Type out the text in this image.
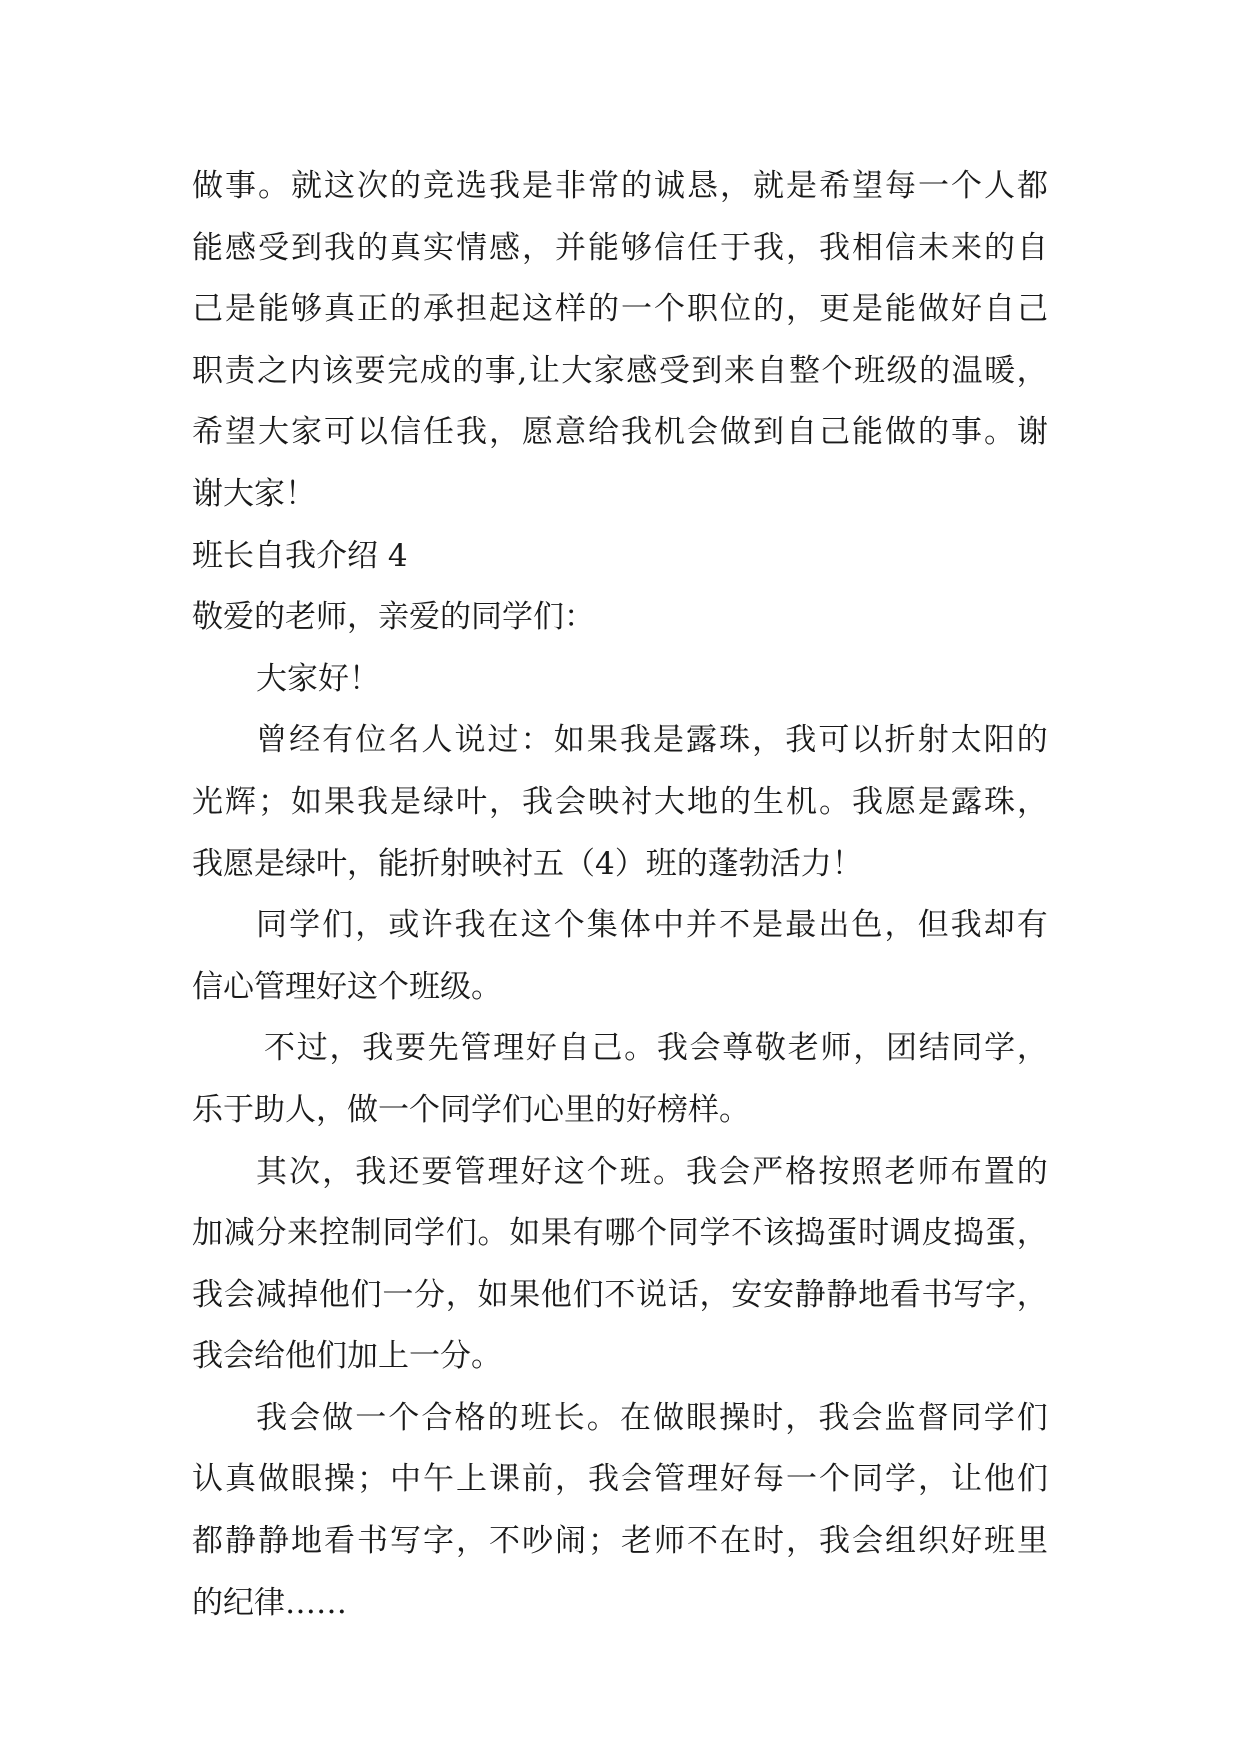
做 事 。 就 这 次 的 竞 选 我 是 非 常 的 诚 恳 ， 就 是 希 望 每 一 个 人 都
能 感 受 到 我 的 真 实 情 感 ， 并 能 够 信 任 于 我 ， 我 相 信 未 来 的 自
己 是 能 够 真 正 的 承 担 起 这 样 的 一 个 职 位 的 ， 更 是 能 做 好 自 己
职 责 之 内 该 要 完 成 的 事 , 让 大 家 感 受 到 来 自 整 个 班 级 的 温 暖 ，
希 望 大 家 可 以 信 任 我 ， 愿 意 给 我 机 会 做 到 自 己 能 做 的 事 。 谢
谢大家！
班长自我介绍 4
敬爱的老师，亲爱的同学们：
大家好！
曾 经 有 位 名 人 说 过 ： 如 果 我 是 露 珠 ， 我 可 以 折 射 太 阳 的
光 辉 ； 如 果 我 是 绿 叶 ， 我 会 映 衬 大 地 的 生 机 。 我 愿 是 露 珠 ，
我愿是绿叶，能折射映衬五（4）班的蓬勃活力！
同 学 们 ， 或 许 我 在 这 个 集 体 中 并 不 是 最 出 色 ， 但 我 却 有
信心管理好这个班级。
不 过 ， 我 要 先 管 理 好 自 己 。 我 会 尊 敬 老 师 ， 团 结 同 学 ，
乐于助人，做一个同学们心里的好榜样。
其 次 ， 我 还 要 管 理 好 这 个 班 。 我 会 严 格 按 照 老 师 布 置 的
加 减 分 来 控 制 同 学 们 。 如 果 有 哪 个 同 学 不 该 捣 蛋 时 调 皮 捣 蛋 ，
我 会 减 掉 他 们 一 分 ， 如 果 他 们 不 说 话 ， 安 安 静 静 地 看 书 写 字 ，
我会给他们加上一分。
我 会 做 一 个 合 格 的 班 长 。 在 做 眼 操 时 ， 我 会 监 督 同 学 们
认 真 做 眼 操 ； 中 午 上 课 前 ， 我 会 管 理 好 每 一 个 同 学 ， 让 他 们
都 静 静 地 看 书 写 字 ， 不 吵 闹 ； 老 师 不 在 时 ， 我 会 组 织 好 班 里
的纪律……
